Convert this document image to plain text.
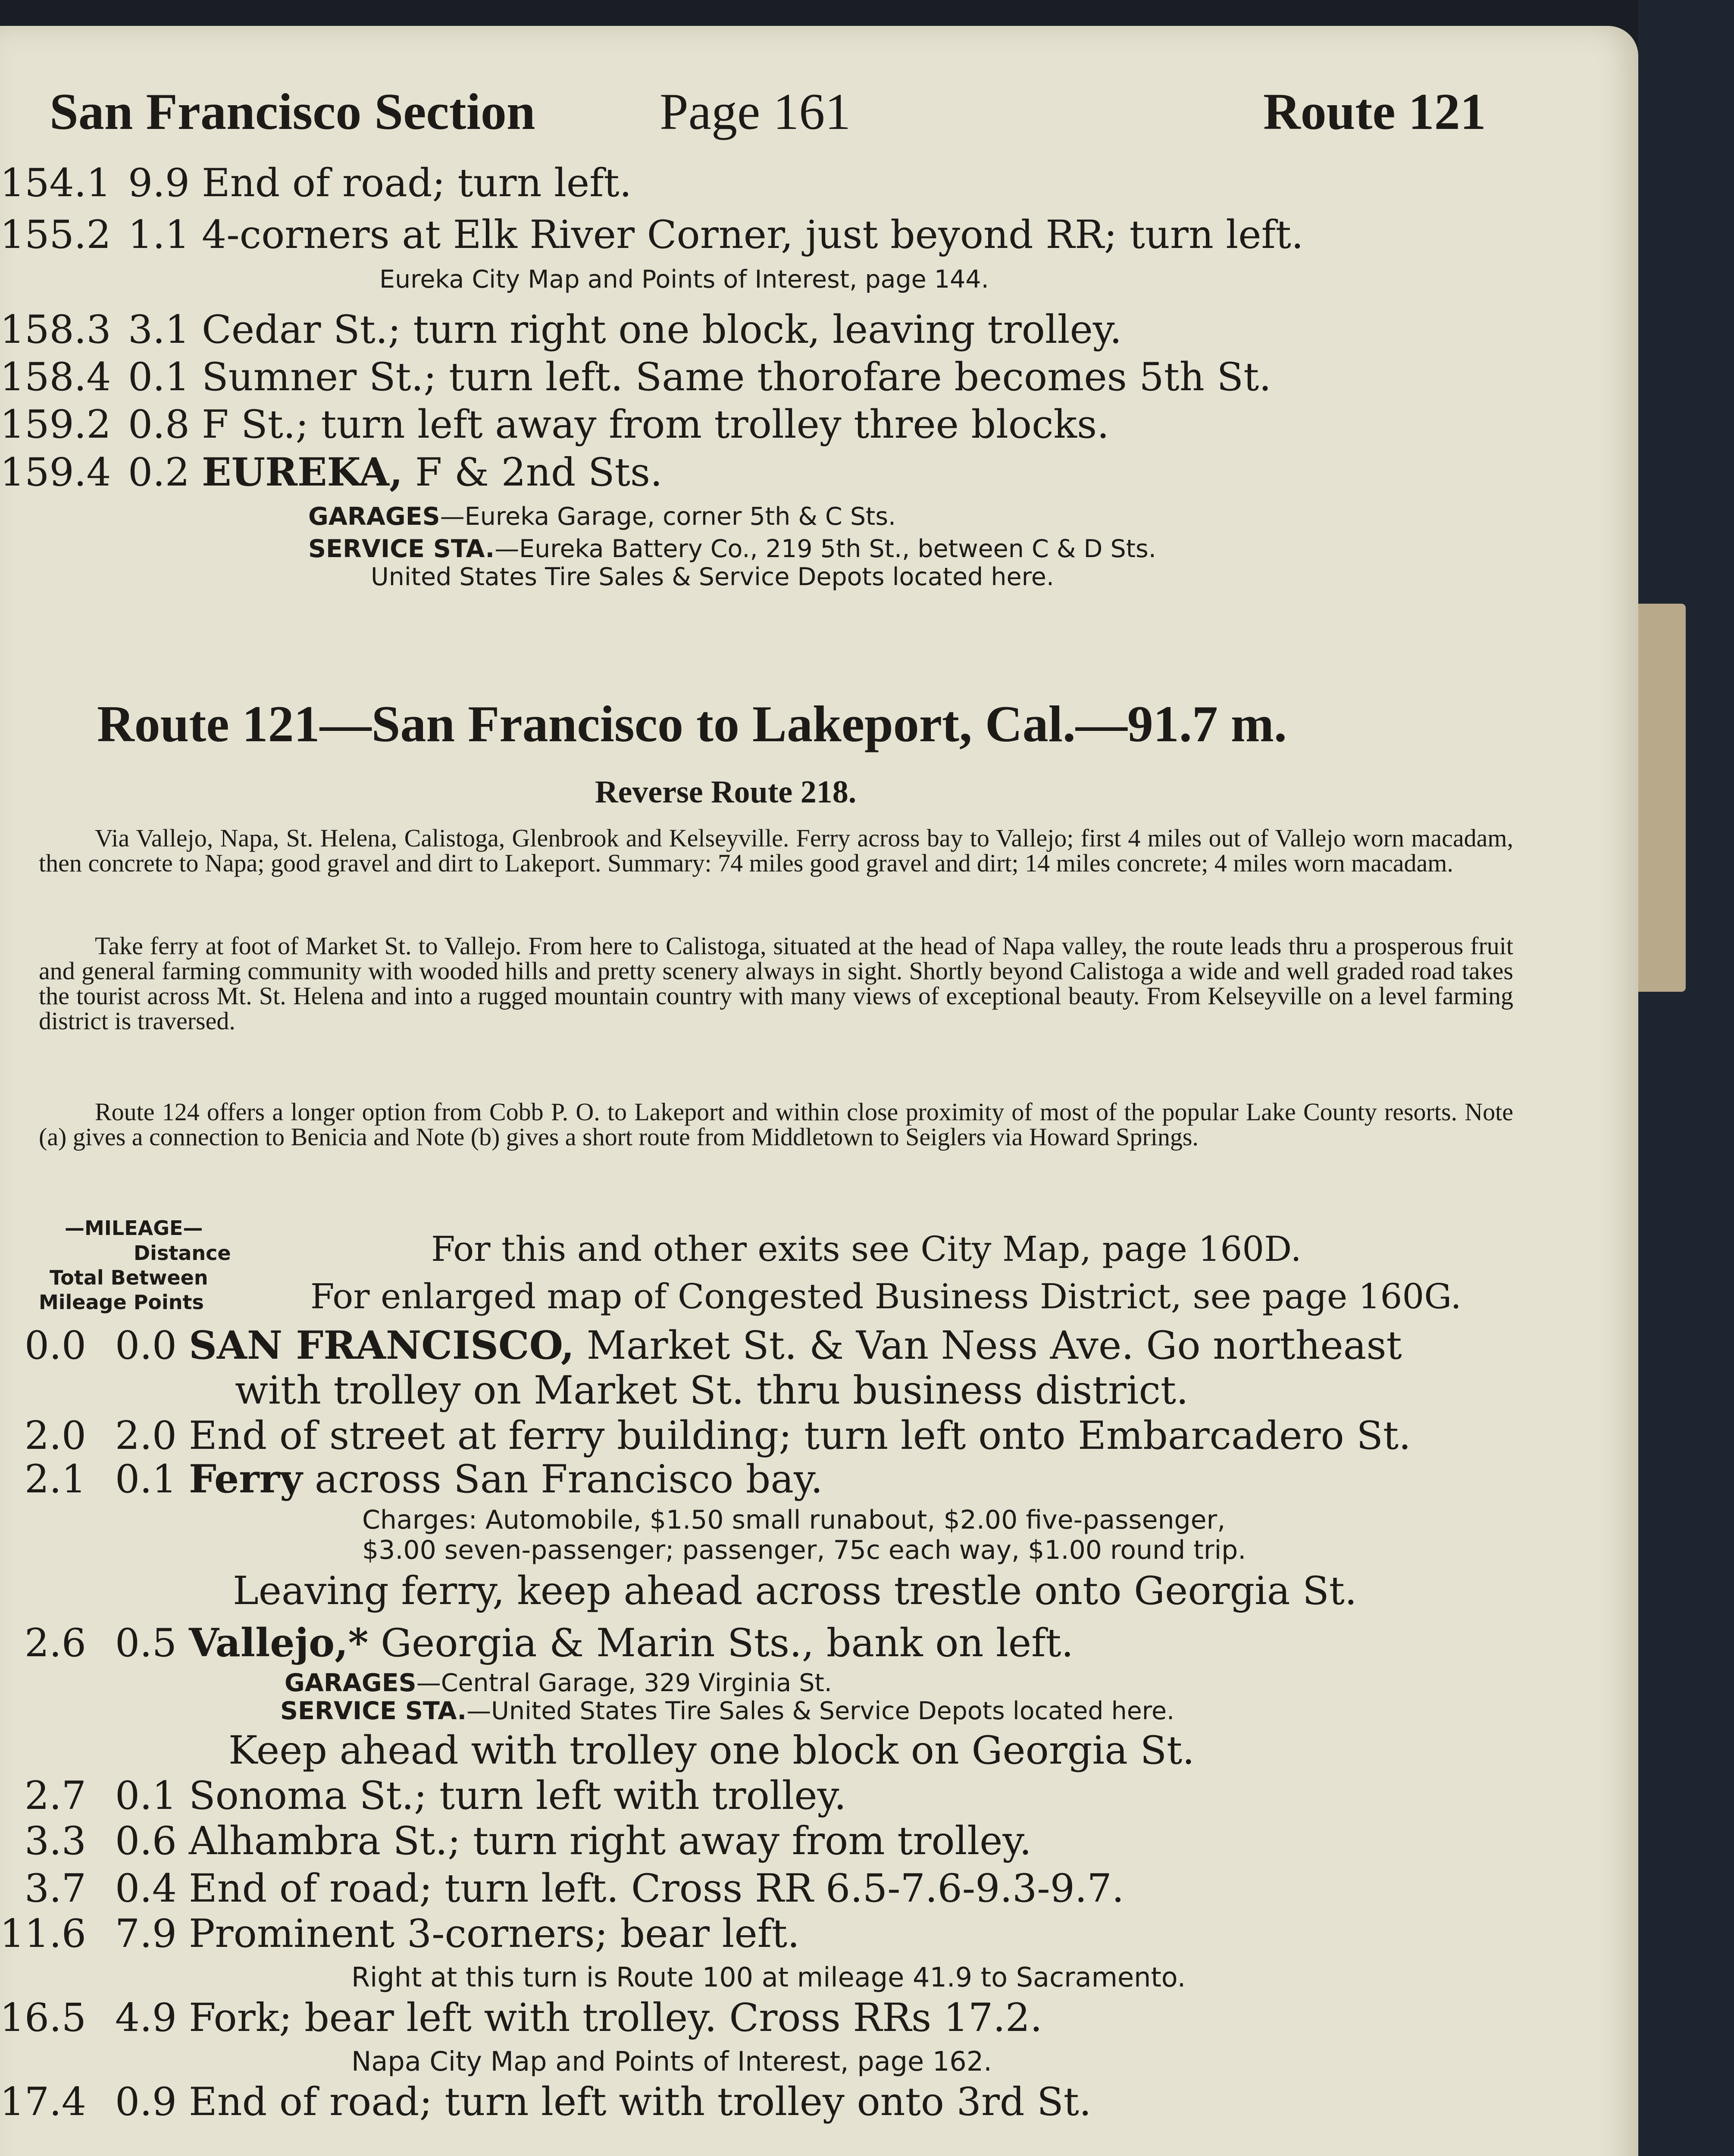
San Francisco Section Page 161	Route 121
154.1 9.9 End of road; turn left.
155.2 1.1 4-corners at Elk River Corner, just beyond RR; turn left.
Eureka City Map and Points of Interest, page 144.
158.3 3.1 Cedar St.; turn right one block, leaving trolley.
158.4 0.1 Sumner St.; turn left. Same thorofare becomes 5th St.
159.2 0.8 F St.; turn left away from trolley three blocks.
159.4 0.2 EUREKA, F & 2nd Sts.
GARAGES—Eureka Garage, corner 5th & C Sts.
SERVICE STA.—Eureka Battery Co., 219 5th St., between C & D Sts.
United States Tire Sales & Service Depots located here.
Route 121—San Francisco to Lakeport, Cal.—91.7 m.
Reverse Route 218.
Via Vallejo, Napa, St. Helena, Calistoga, Glenbrook and Kelseyville. Ferry across bay to Vallejo; first 4 miles out of Vallejo worn macadam, then concrete to Napa; good gravel and dirt to Lakeport. Summary: 74 miles good gravel and dirt; 14 miles concrete; 4 miles worn macadam.
Take ferry at foot of Market St. to Vallejo. From here to Calistoga, situated at the head of Napa valley, the route leads thru a prosperous fruit and general farming community with wooded hills and pretty scenery always in sight. Shortly beyond Calistoga a wide and well graded road takes the tourist across Mt. St. Helena and into a rugged mountain country with many views of exceptional beauty. From Kelseyville on a level farming district is traversed.
Route 124 offers a longer option from Cobb P. O. to Lakeport and within close proximity of most of the popular Lake County resorts. Note (a) gives a connection to Benicia and Note (b) gives a short route from Middletown to Seiglers via Howard Springs.
—MILEAGE—
Distance
Total Between
Mileage Points
For this and other exits see City Map, page 160D.
For enlarged map of Congested Business District, see page 160G.
0.0 0.0 SAN FRANCISCO, Market St. & Van Ness Ave. Go northeast
with trolley on Market St. thru business district.
2.0 2.0 End of street at ferry building; turn left onto Embarcadero St.
2.1 0.1 Ferry across San Francisco bay.
Charges: Automobile, $1.50 small runabout, $2.00 five-passenger,
$3.00 seven-passenger; passenger, 75c each way, $1.00 round trip.
Leaving ferry, keep ahead across trestle onto Georgia St.
2.6 0.5 Vallejo,* Georgia & Marin Sts., bank on left.
GARAGES—Central Garage, 329 Virginia St.
SERVICE STA.—United States Tire Sales & Service Depots located here.
Keep ahead with trolley one block on Georgia St.
2.7 0.1 Sonoma St.; turn left with trolley.
3.3 0.6 Alhambra St.; turn right away from trolley.
3.7 0.4 End of road; turn left. Cross RR 6.5-7.6-9.3-9.7.
11.6 7.9 Prominent 3-corners; bear left.
Right at this turn is Route 100 at mileage 41.9 to Sacramento.
16.5 4.9 Fork; bear left with trolley. Cross RRs 17.2.
Napa City Map and Points of Interest, page 162.
17.4 0.9 End of road; turn left with trolley onto 3rd St.
